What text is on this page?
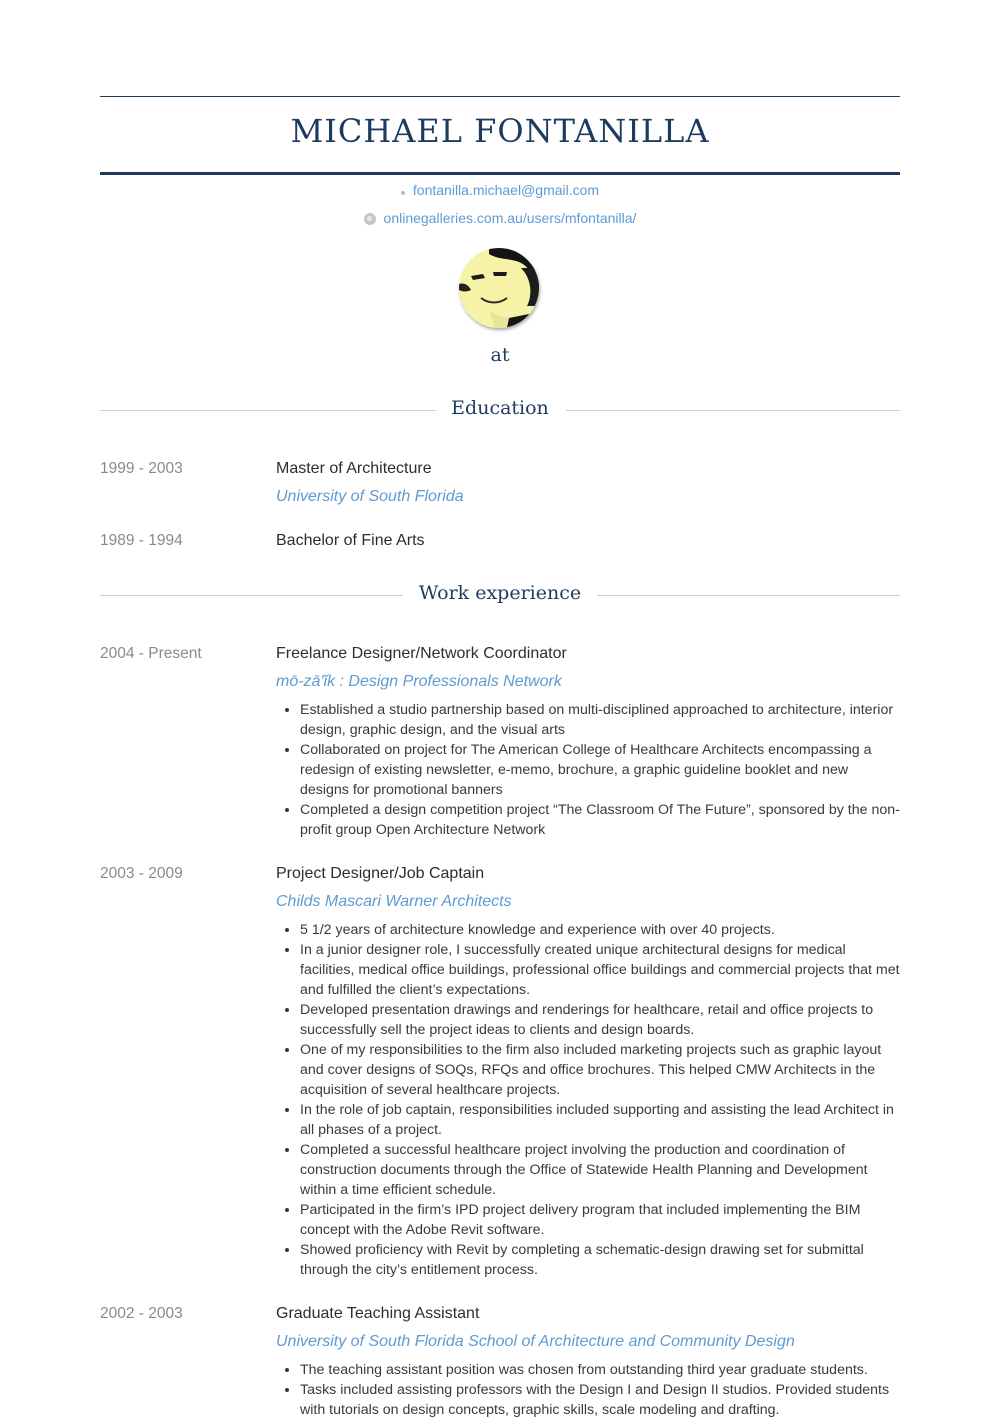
MICHAEL FONTANILLA
fontanilla.michael@gmail.com
onlinegalleries.com.au/users/mfontanilla/
at
Education
1999 - 2003	Master of Architecture
University of South Florida
1989 - 1994	Bachelor of Fine Arts
Work experience
2004 - Present	Freelance Designer/Network Coordinator
mō-zā'ĭk : Design Professionals Network
• Established a studio partnership based on multi-disciplined approached to architecture, interior design, graphic design, and the visual arts
• Collaborated on project for The American College of Healthcare Architects encompassing a redesign of existing newsletter, e-memo, brochure, a graphic guideline booklet and new designs for promotional banners
• Completed a design competition project “The Classroom Of The Future”, sponsored by the non-profit group Open Architecture Network
2003 - 2009	Project Designer/Job Captain
Childs Mascari Warner Architects
• 5 1/2 years of architecture knowledge and experience with over 40 projects.
• In a junior designer role, I successfully created unique architectural designs for medical facilities, medical office buildings, professional office buildings and commercial projects that met and fulfilled the client’s expectations.
• Developed presentation drawings and renderings for healthcare, retail and office projects to successfully sell the project ideas to clients and design boards.
• One of my responsibilities to the firm also included marketing projects such as graphic layout and cover designs of SOQs, RFQs and office brochures. This helped CMW Architects in the acquisition of several healthcare projects.
• In the role of job captain, responsibilities included supporting and assisting the lead Architect in all phases of a project.
• Completed a successful healthcare project involving the production and coordination of construction documents through the Office of Statewide Health Planning and Development within a time efficient schedule.
• Participated in the firm’s IPD project delivery program that included implementing the BIM concept with the Adobe Revit software.
• Showed proficiency with Revit by completing a schematic-design drawing set for submittal through the city’s entitlement process.
2002 - 2003	Graduate Teaching Assistant
University of South Florida School of Architecture and Community Design
• The teaching assistant position was chosen from outstanding third year graduate students.
• Tasks included assisting professors with the Design I and Design II studios. Provided students with tutorials on design concepts, graphic skills, scale modeling and drafting.
